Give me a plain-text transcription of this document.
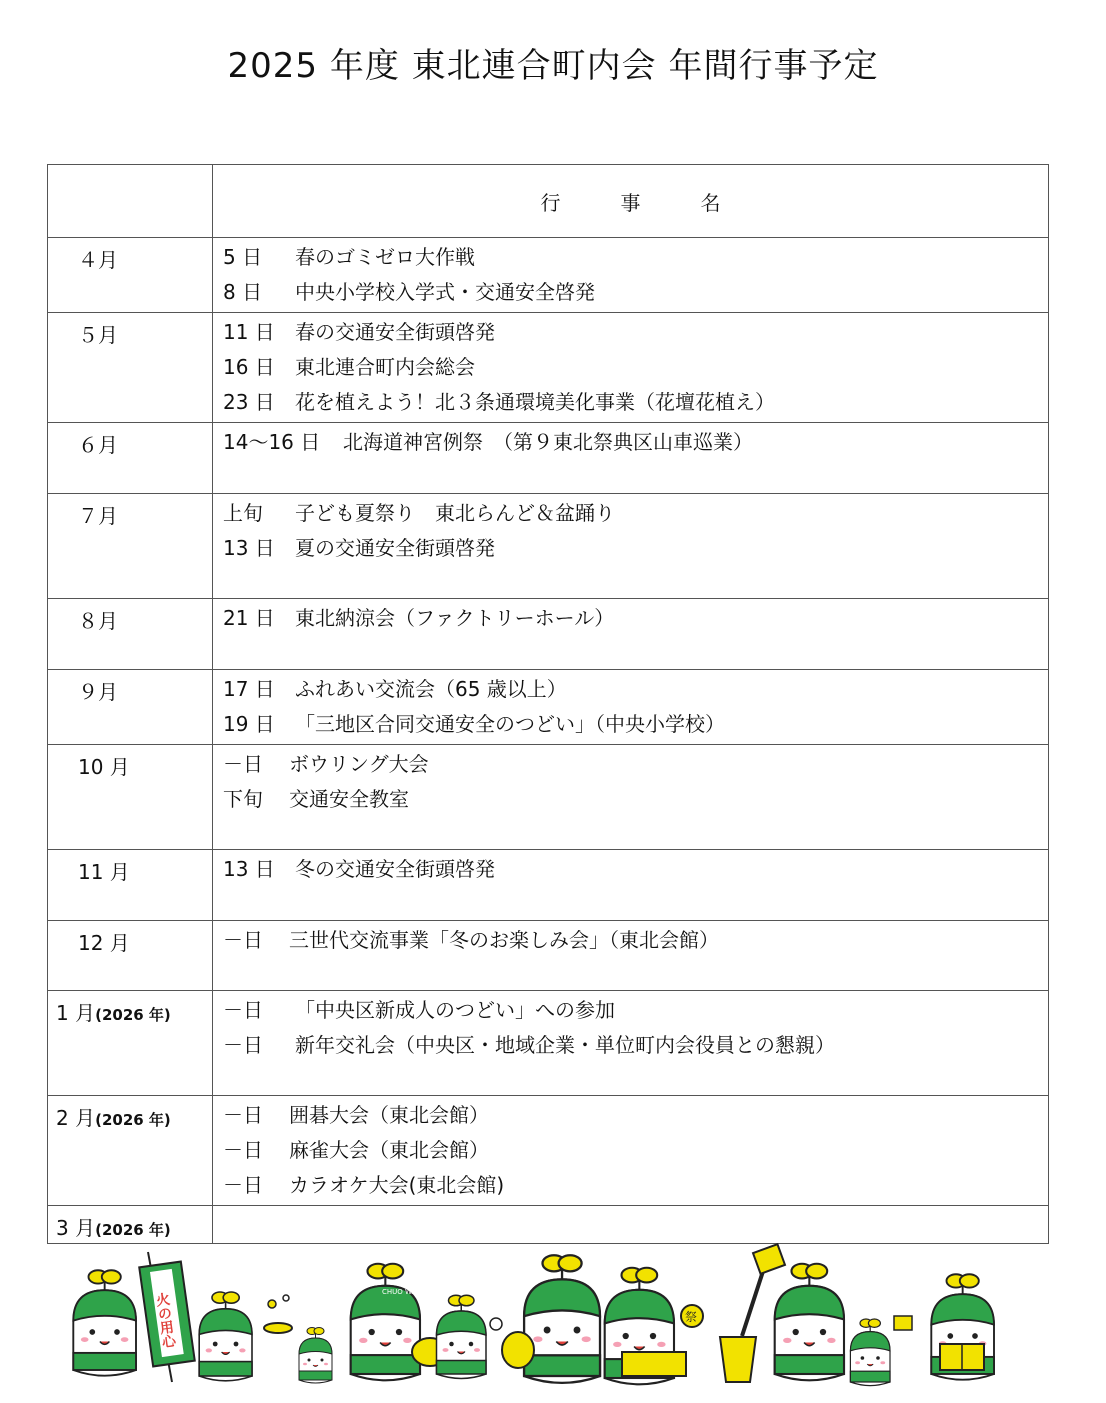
2025 年度 東北連合町内会 年間行事予定
	行　　　事　　　名
４月	5 日 春のゴミゼロ大作戦
8 日 中央小学校入学式・交通安全啓発

５月	11 日 春の交通安全街頭啓発
16 日 東北連合町内会総会
23 日 花を植えよう！北３条通環境美化事業（花壇花植え）

６月	14～16 日 北海道神宮例祭　（第９東北祭典区山車巡業）

７月	上旬 子ども夏祭り　東北らんど＆盆踊り
13 日 夏の交通安全街頭啓発

８月	21 日 東北納涼会（ファクトリーホール）

９月	17 日 ふれあい交流会（65 歳以上）
19 日 「三地区合同交通安全のつどい」（中央小学校）

10 月	－日 ボウリング大会
下旬 交通安全教室

11 月	13 日 冬の交通安全街頭啓発

12 月	－日 三世代交流事業「冬のお楽しみ会」（東北会館）

1 月(2026 年)	－日 「中央区新成人のつどい」への参加
－日 新年交礼会（中央区・地域企業・単位町内会役員との懇親）

2 月(2026 年)	－日 囲碁大会（東北会館）
－日 麻雀大会（東北会館）
－日 カラオケ大会(東北会館)

3 月(2026 年)	
火の用心	CHUO WARD
祭
